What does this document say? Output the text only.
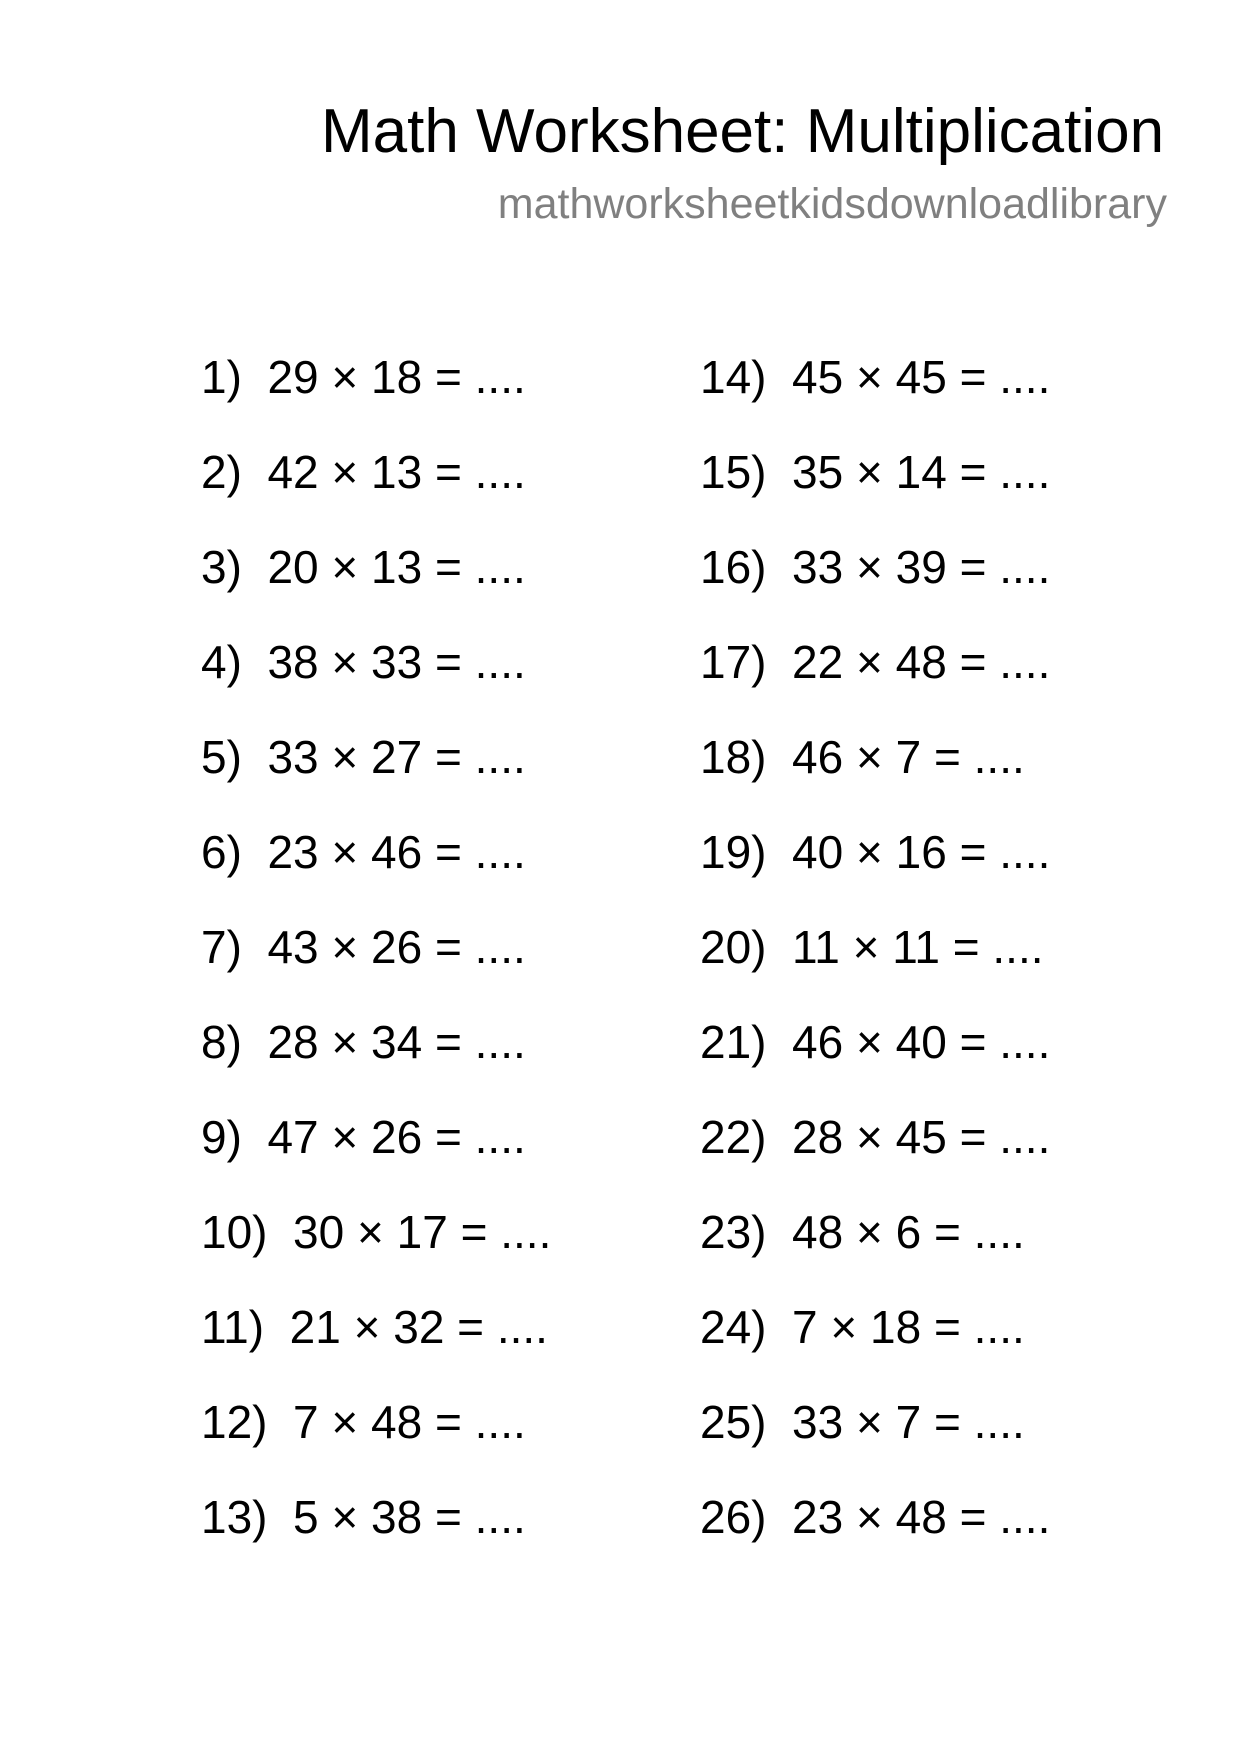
Math Worksheet: Multiplication
mathworksheetkidsdownloadlibrary
1) 29 × 18 = ....
2) 42 × 13 = ....
3) 20 × 13 = ....
4) 38 × 33 = ....
5) 33 × 27 = ....
6) 23 × 46 = ....
7) 43 × 26 = ....
8) 28 × 34 = ....
9) 47 × 26 = ....
10) 30 × 17 = ....
11) 21 × 32 = ....
12) 7 × 48 = ....
13) 5 × 38 = ....
14) 45 × 45 = ....
15) 35 × 14 = ....
16) 33 × 39 = ....
17) 22 × 48 = ....
18) 46 × 7 = ....
19) 40 × 16 = ....
20) 11 × 11 = ....
21) 46 × 40 = ....
22) 28 × 45 = ....
23) 48 × 6 = ....
24) 7 × 18 = ....
25) 33 × 7 = ....
26) 23 × 48 = ....
